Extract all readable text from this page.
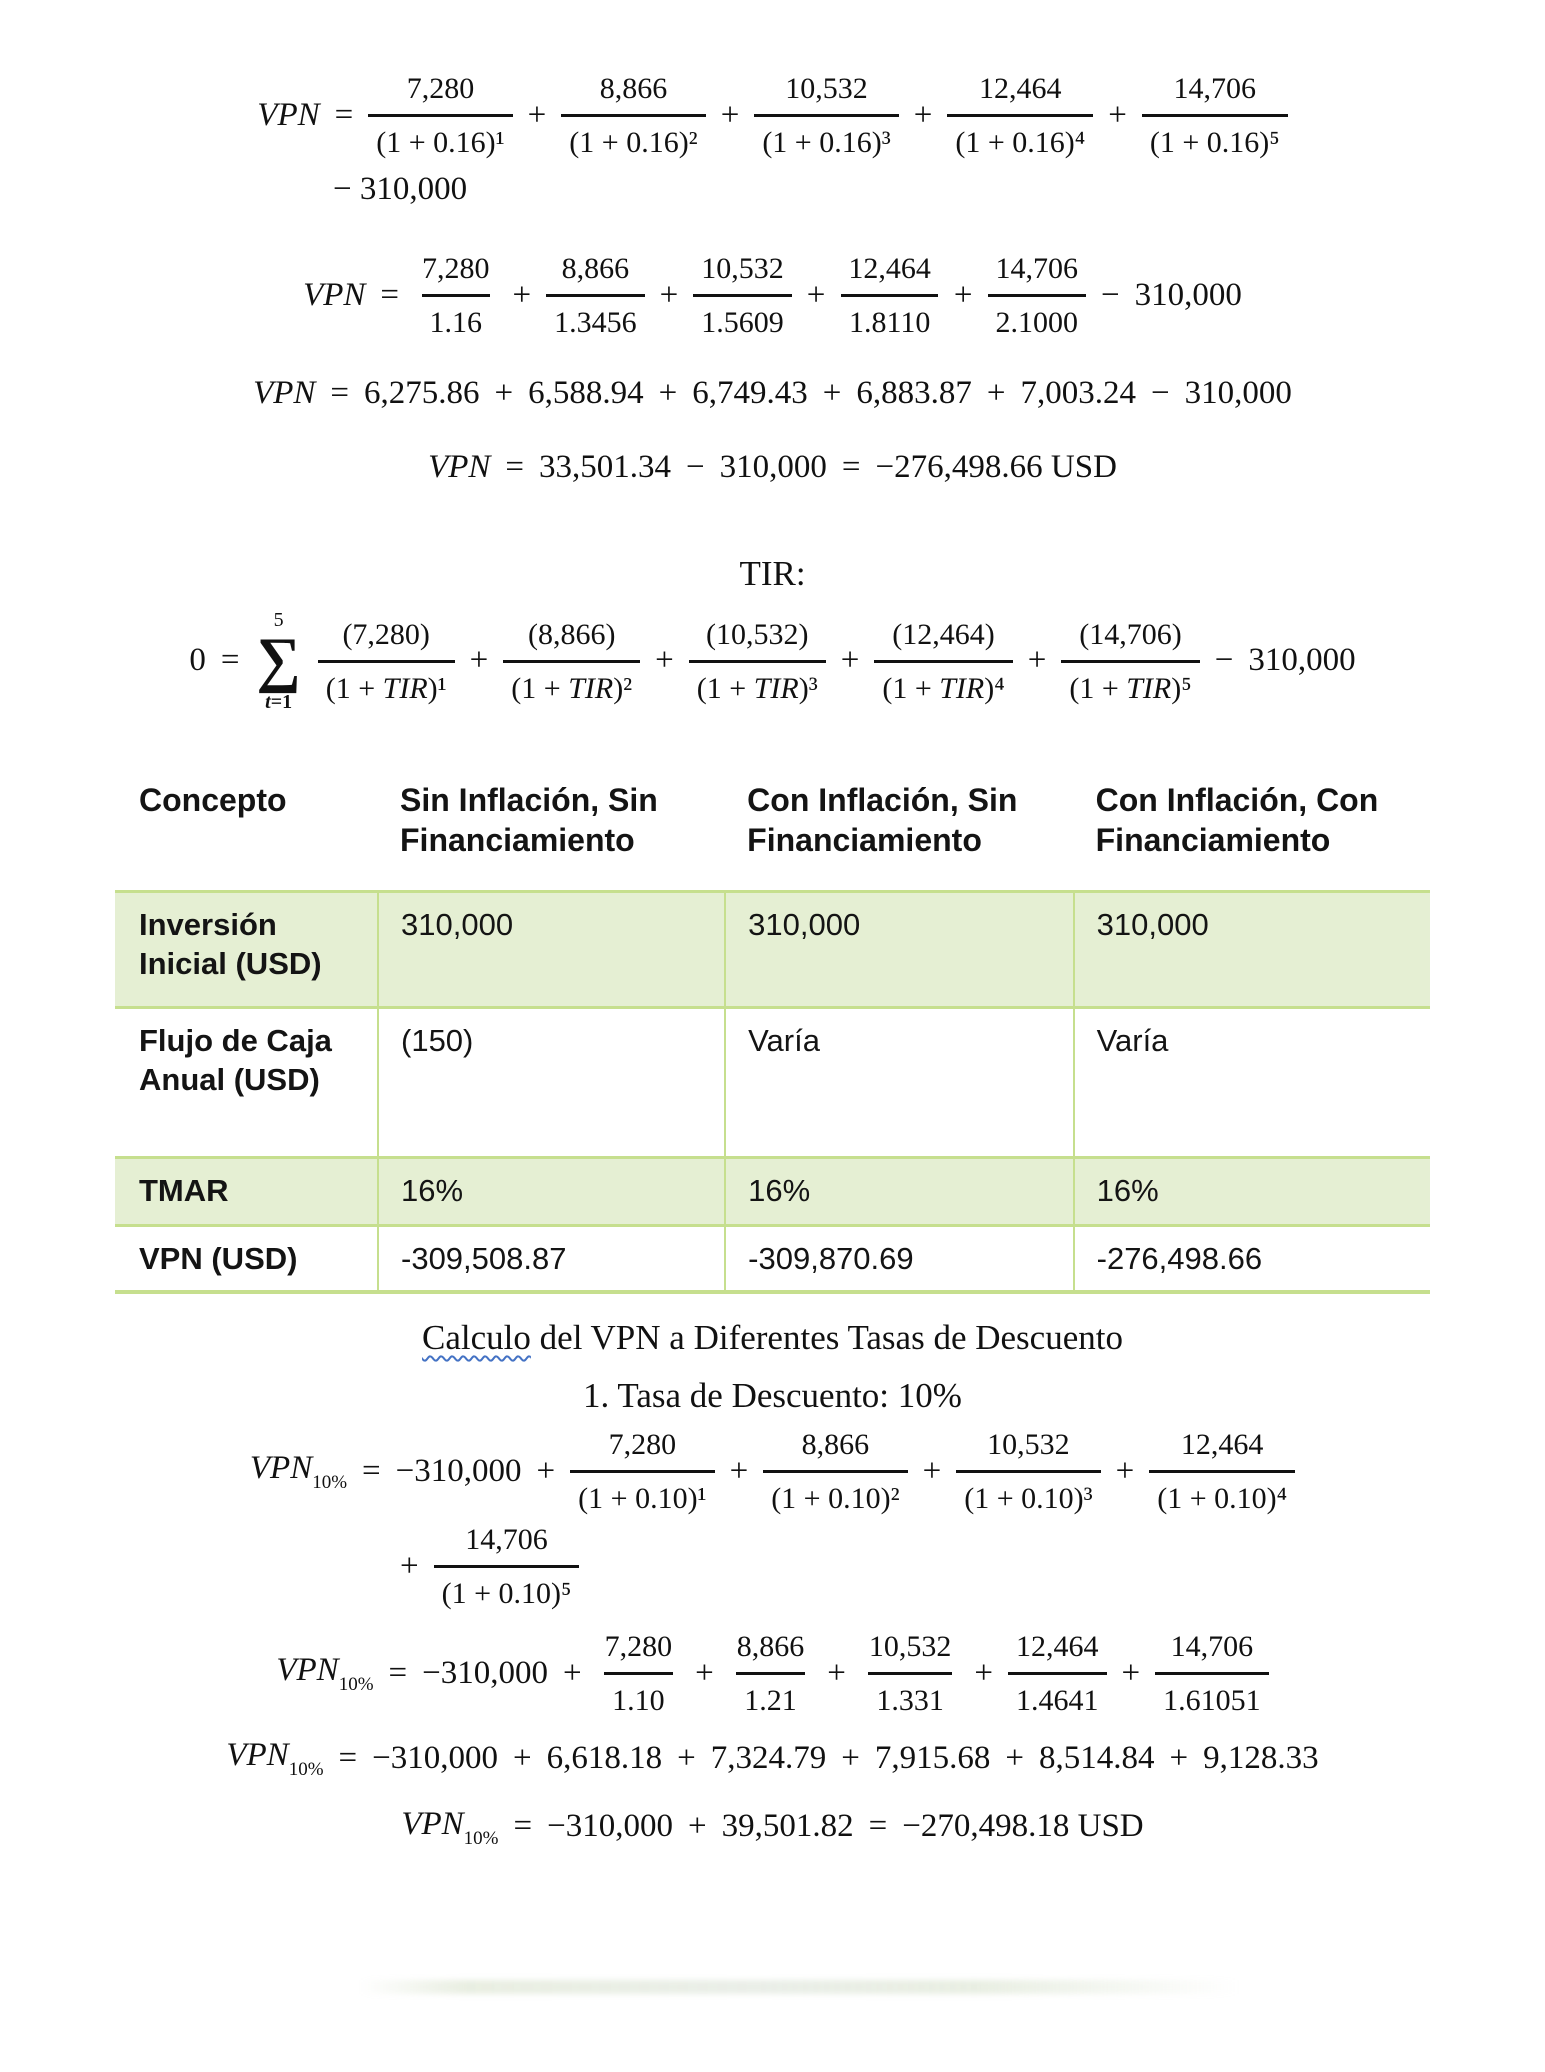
VPN = $\frac{7,280}{\text{(1 + 0.16)¹}} + \frac{8,866}{\text{(1 + 0.16)²}} + \frac{10,532}{\text{(1 + 0.16)³}} + \frac{12,464}{\text{(1 + 0.16)⁴}} + \frac{14,706}{\text{(1 + 0.16)⁵}}$
− 310,000
VPN = $\frac{7,280}{1.16} + \frac{8,866}{1.3456} + \frac{10,532}{1.5609} + \frac{12,464}{1.8110} + \frac{14,706}{2.1000} - 310,000$
VPN = 6,275.86 + 6,588.94 + 6,749.43 + 6,883.87 + 7,003.24 − 310,000
VPN = 33,501.34 − 310,000 = −276,498.66 USD
TIR:
0 =
5
∑
$t=1 \frac{(7,280)}{\text{(1 + TIR)¹}} + \frac{(8,866)}{\text{(1 + TIR)²}} + \frac{(10,532)}{\text{(1 + TIR)³}} + \frac{(12,464)}{\text{(1 + TIR)⁴}} + \frac{(14,706)}{\text{(1 + TIR)⁵}} - 310,000$
Concepto	Sin Inflación, Sin Financiamiento	Con Inflación, Sin Financiamiento	Con Inflación, Con Financiamiento
Inversión Inicial (USD)	310,000	310,000	310,000
Flujo de Caja Anual (USD)	(150)	Varía	Varía
TMAR	16%	16%	16%
VPN (USD)	-309,508.87	-309,870.69	-276,498.66
Calculo del VPN a Diferentes Tasas de Descuento
1. Tasa de Descuento: 10%
$VPN_{10\%} = -310,000 + \frac{7,280}{\text{(1 + 0.10)¹}} + \frac{8,866}{\text{(1 + 0.10)²}} + \frac{10,532}{\text{(1 + 0.10)³}} + \frac{12,464}{\text{(1 + 0.10)⁴}}$
+ $\frac{14,706}{\text{(1 + 0.10)⁵}}$
$VPN_{10\%} = -310,000 + \frac{7,280}{1.10} + \frac{8,866}{1.21} + \frac{10,532}{1.331} + \frac{12,464}{1.4641} + \frac{14,706}{1.61051}$
$VPN_{10\%} = -310,000 + 6,618.18 + 7,324.79 + 7,915.68 + 8,514.84 + 9,128.33$
$VPN_{10\%} = -310,000 + 39,501.82 = -270,498.18$ USD
